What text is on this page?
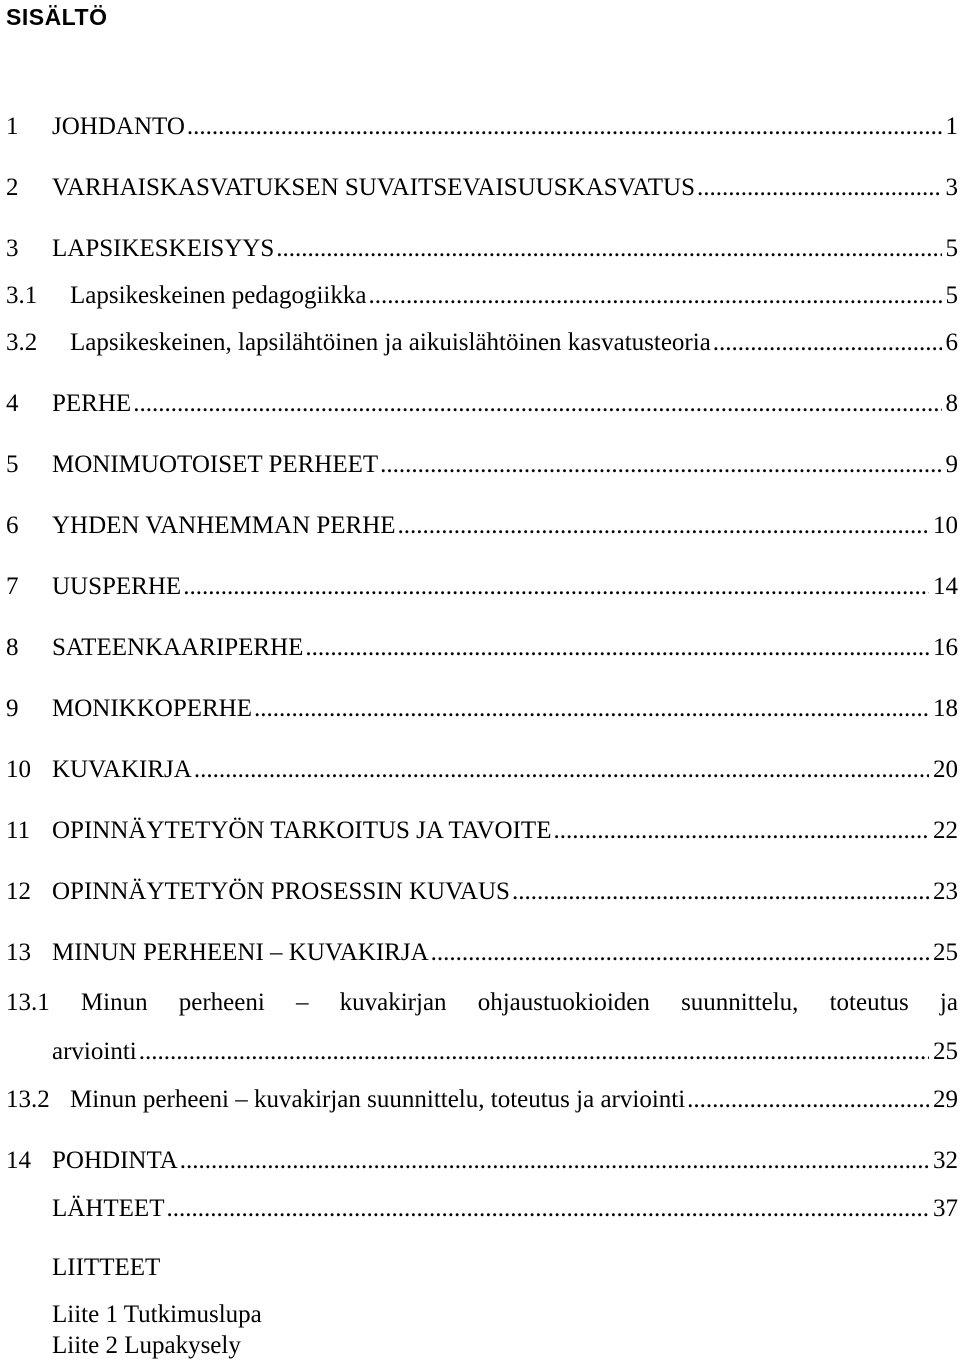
SISÄLTÖ
1	JOHDANTO .....	1
2	VARHAISKASVATUKSEN SUVAITSEVAISUUSKASVATUS .....	3
3	LAPSIKESKEISYYS .....	5
3.1	Lapsikeskeinen pedagogiikka .....	5
3.2	Lapsikeskeinen, lapsilähtöinen ja aikuislähtöinen kasvatusteoria .....	6
4	PERHE .....	8
5	MONIMUOTOISET PERHEET .....	9
6	YHDEN VANHEMMAN PERHE .....	10
7	UUSPERHE .....	14
8	SATEENKAARIPERHE .....	16
9	MONIKKOPERHE .....	18
10 KUVAKIRJA .....	20
11 OPINNÄYTETYÖN TARKOITUS JA TAVOITE .....	22
12 OPINNÄYTETYÖN PROSESSIN KUVAUS .....	23
13 MINUN PERHEENI – KUVAKIRJA .....	25
13.1 Minun perheeni – kuvakirjan ohjaustuokioiden suunnittelu, toteutus ja
arviointi .....	25
13.2 Minun perheeni – kuvakirjan suunnittelu, toteutus ja arviointi .....	29
14 POHDINTA .....	32
LÄHTEET .....	37
LIITTEET
Liite 1 Tutkimuslupa
Liite 2 Lupakysely
